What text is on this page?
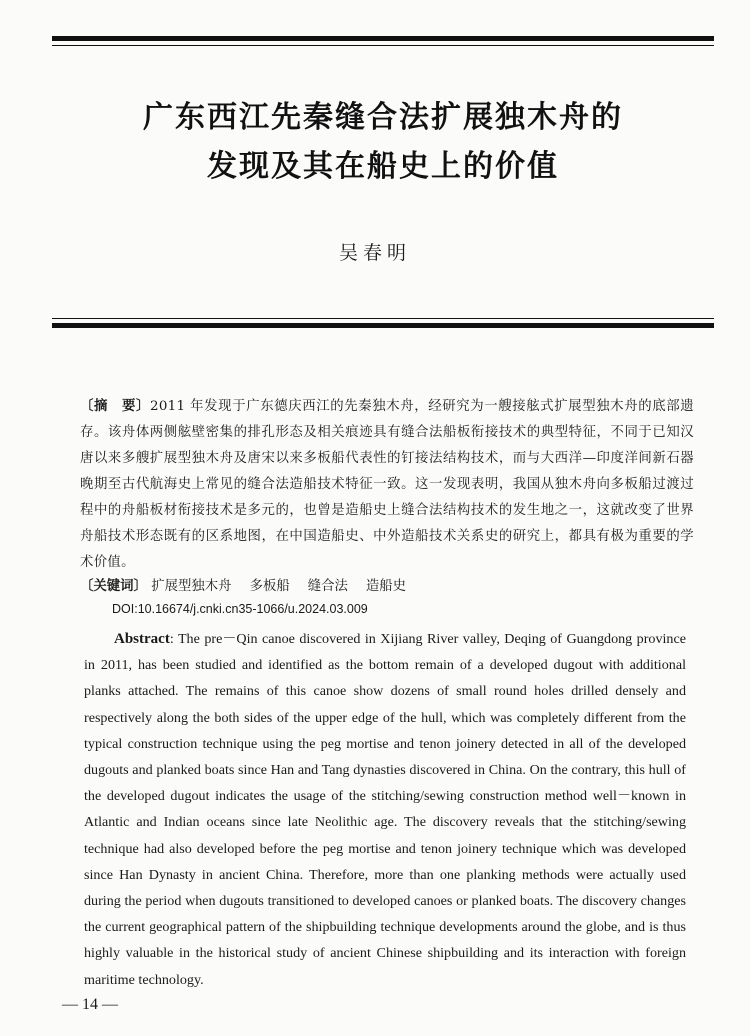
广东西江先秦缝合法扩展独木舟的
发现及其在船史上的价值
吴春明
〔摘　要〕2011 年发现于广东德庆西江的先秦独木舟，经研究为一艘接舷式扩展型独木舟的底部遗存。该舟体两侧舷壁密集的排孔形态及相关痕迹具有缝合法船板衔接技术的典型特征，不同于已知汉唐以来多艘扩展型独木舟及唐宋以来多板船代表性的钉接法结构技术，而与大西洋—印度洋间新石器晚期至古代航海史上常见的缝合法造船技术特征一致。这一发现表明，我国从独木舟向多板船过渡过程中的舟船板材衔接技术是多元的，也曾是造船史上缝合法结构技术的发生地之一，这就改变了世界舟船技术形态既有的区系地图，在中国造船史、中外造船技术关系史的研究上，都具有极为重要的学术价值。
〔关键词〕 扩展型独木舟 多板船 缝合法 造船史
DOI:10.16674/j.cnki.cn35-1066/u.2024.03.009

Abstract: The pre－Qin canoe discovered in Xijiang River valley, Deqing of Guangdong province in 2011, has been studied and identified as the bottom remain of a developed dugout with additional planks attached. The remains of this canoe show dozens of small round holes drilled densely and respectively along the both sides of the upper edge of the hull, which was completely different from the typical construction technique using the peg mortise and tenon joinery detected in all of the developed dugouts and planked boats since Han and Tang dynasties discovered in China. On the contrary, this hull of the developed dugout indicates the usage of the stitching/sewing construction method well－known in Atlantic and Indian oceans since late Neolithic age. The discovery reveals that the stitching/sewing technique had also developed before the peg mortise and tenon joinery technique which was developed since Han Dynasty in ancient China. Therefore, more than one planking methods were actually used during the period when dugouts transitioned to developed canoes or planked boats. The discovery changes the current geographical pattern of the shipbuilding technique developments around the globe, and is thus highly valuable in the historical study of ancient Chinese shipbuilding and its interaction with foreign maritime technology.

— 14 —
